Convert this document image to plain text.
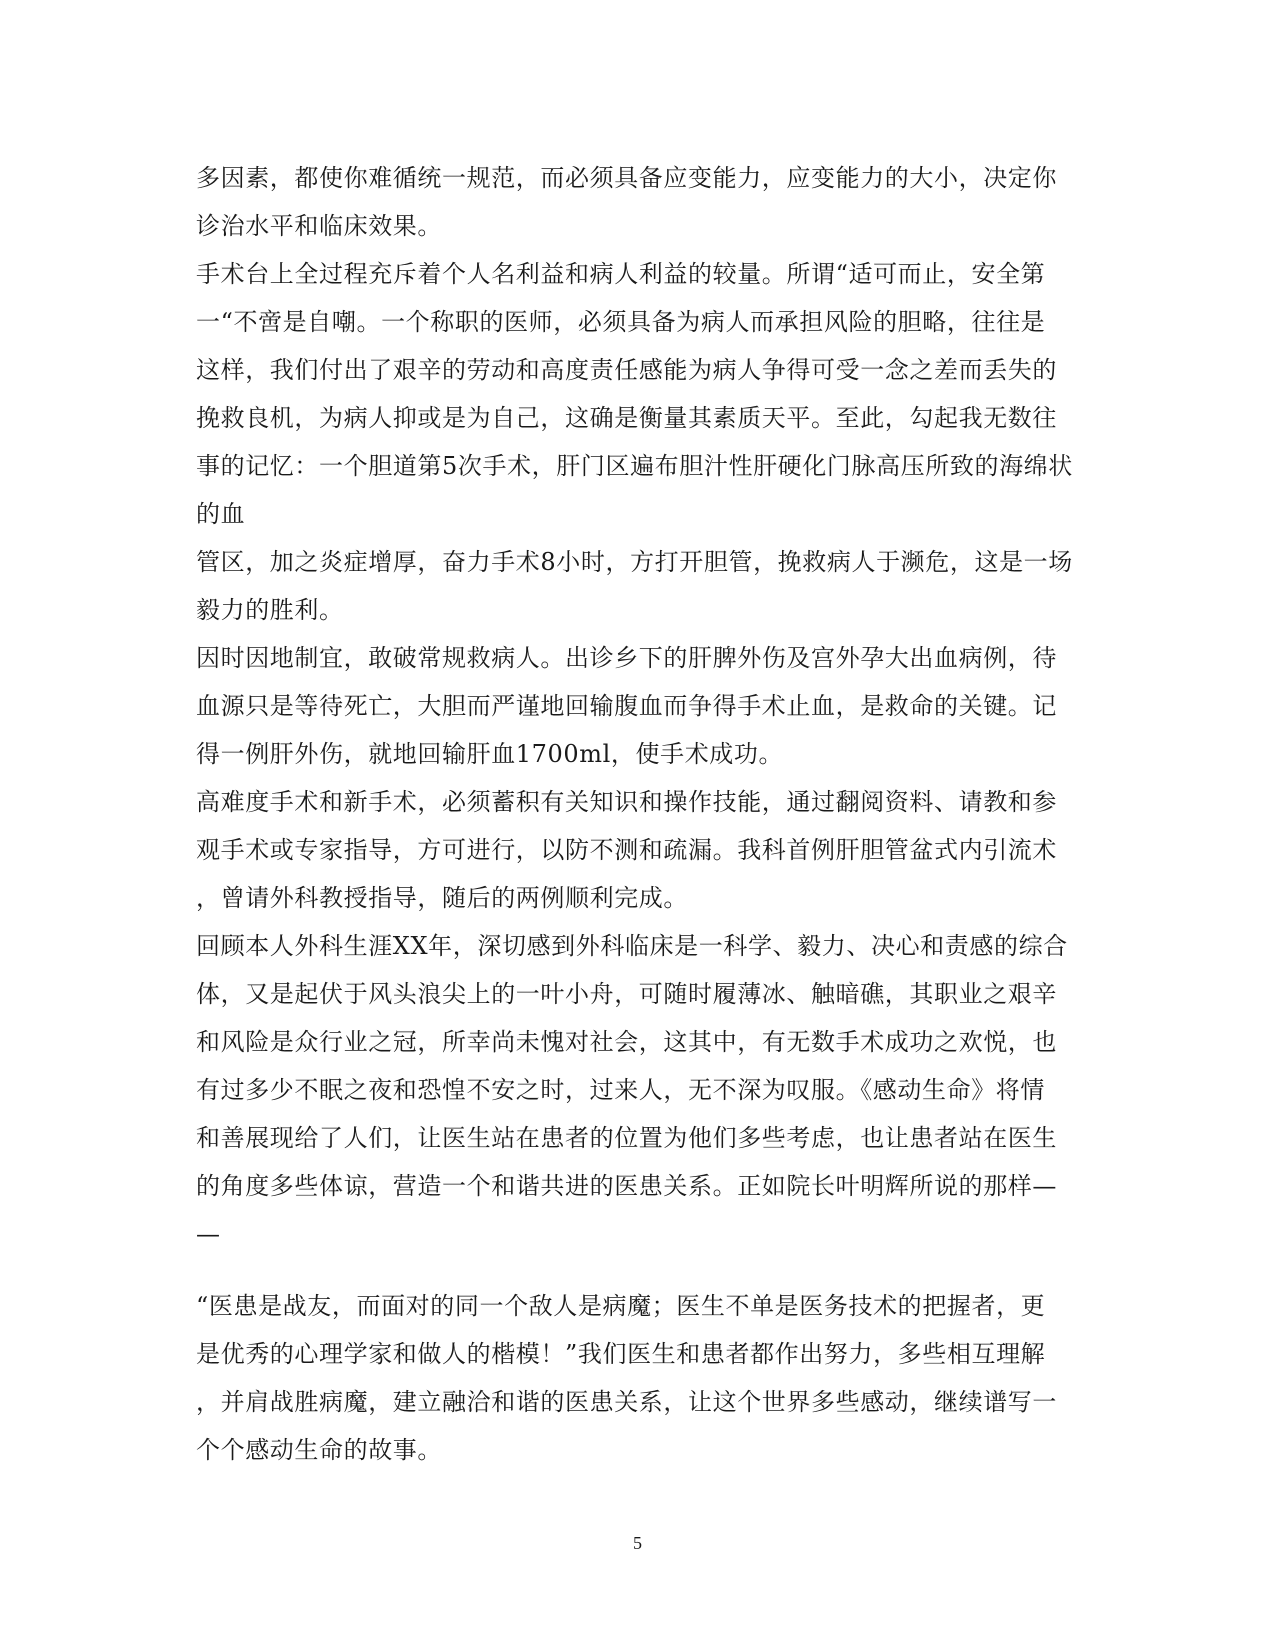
多因素，都使你难循统一规范，而必须具备应变能力，应变能力的大小，决定你
诊治水平和临床效果。
手术台上全过程充斥着个人名利益和病人利益的较量。所谓“适可而止，安全第
一“不啻是自嘲。一个称职的医师，必须具备为病人而承担风险的胆略，往往是
这样，我们付出了艰辛的劳动和高度责任感能为病人争得可受一念之差而丢失的
挽救良机，为病人抑或是为自己，这确是衡量其素质天平。至此，勾起我无数往
事的记忆：一个胆道第5次手术，肝门区遍布胆汁性肝硬化门脉高压所致的海绵状
的血
管区，加之炎症增厚，奋力手术8小时，方打开胆管，挽救病人于濒危，这是一场
毅力的胜利。
因时因地制宜，敢破常规救病人。出诊乡下的肝脾外伤及宫外孕大出血病例，待
血源只是等待死亡，大胆而严谨地回输腹血而争得手术止血，是救命的关键。记
得一例肝外伤，就地回输肝血1700ml，使手术成功。
高难度手术和新手术，必须蓄积有关知识和操作技能，通过翻阅资料、请教和参
观手术或专家指导，方可进行，以防不测和疏漏。我科首例肝胆管盆式内引流术
，曾请外科教授指导，随后的两例顺利完成。
回顾本人外科生涯XX年，深切感到外科临床是一科学、毅力、决心和责感的综合
体，又是起伏于风头浪尖上的一叶小舟，可随时履薄冰、触暗礁，其职业之艰辛
和风险是众行业之冠，所幸尚未愧对社会，这其中，有无数手术成功之欢悦，也
有过多少不眠之夜和恐惶不安之时，过来人，无不深为叹服。《感动生命》将情
和善展现给了人们，让医生站在患者的位置为他们多些考虑，也让患者站在医生
的角度多些体谅，营造一个和谐共进的医患关系。正如院长叶明辉所说的那样—
—
“医患是战友，而面对的同一个敌人是病魔；医生不单是医务技术的把握者，更
是优秀的心理学家和做人的楷模！”我们医生和患者都作出努力，多些相互理解
，并肩战胜病魔，建立融洽和谐的医患关系，让这个世界多些感动，继续谱写一
个个感动生命的故事。
5
